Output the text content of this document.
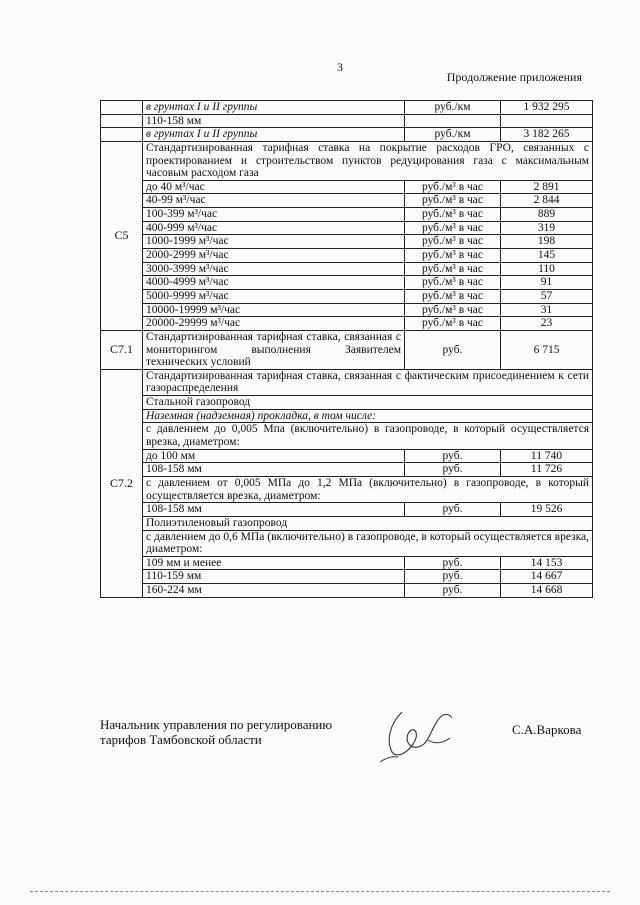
3
Продолжение приложения
	в грунтах I и II группы	руб./км	1 932 295
	110-158 мм		
	в грунтах I и II группы	руб./км	3 182 265
С5	Стандартизированная тарифная ставка на покрытие расходов ГРО, связанных с проектированием и строительством пунктов редуцирования газа с максимальным часовым расходом газа		
	до 40 м³/час	руб./м³ в час	2 891
	40-99 м³/час	руб./м³ в час	2 844
	100-399 м³/час	руб./м³ в час	889
	400-999 м³/час	руб./м³ в час	319
	1000-1999 м³/час	руб./м³ в час	198
	2000-2999 м³/час	руб./м³ в час	145
	3000-3999 м³/час	руб./м³ в час	110
	4000-4999 м³/час	руб./м³ в час	91
	5000-9999 м³/час	руб./м³ в час	57
	10000-19999 м³/час	руб./м³ в час	31
	20000-29999 м³/час	руб./м³ в час	23
С7.1	Стандартизированная тарифная ставка, связанная с мониторингом выполнения Заявителем технических условий	руб.	6 715
С7.2	Стандартизированная тарифная ставка, связанная с фактическим присоединением к сети газораспределения		
	Стальной газопровод		
	Наземная (надземная) прокладка, в том числе:		
	с давлением до 0,005 Мпа (включительно) в газопроводе, в который осуществляется врезка, диаметром:		
	до 100 мм	руб.	11 740
	108-158 мм	руб.	11 726
	с давлением от 0,005 МПа до 1,2 МПа (включительно) в газопроводе, в который осуществляется врезка, диаметром:		
	108-158 мм	руб.	19 526
	Полиэтиленовый газопровод		
	с давлением до 0,6 МПа (включительно) в газопроводе, в который осуществляется врезка, диаметром:		
	109 мм и менее	руб.	14 153
	110-159 мм	руб.	14 667
	160-224 мм	руб.	14 668
Начальник управления по регулированию
тарифов Тамбовской области
С.А.Варкова
